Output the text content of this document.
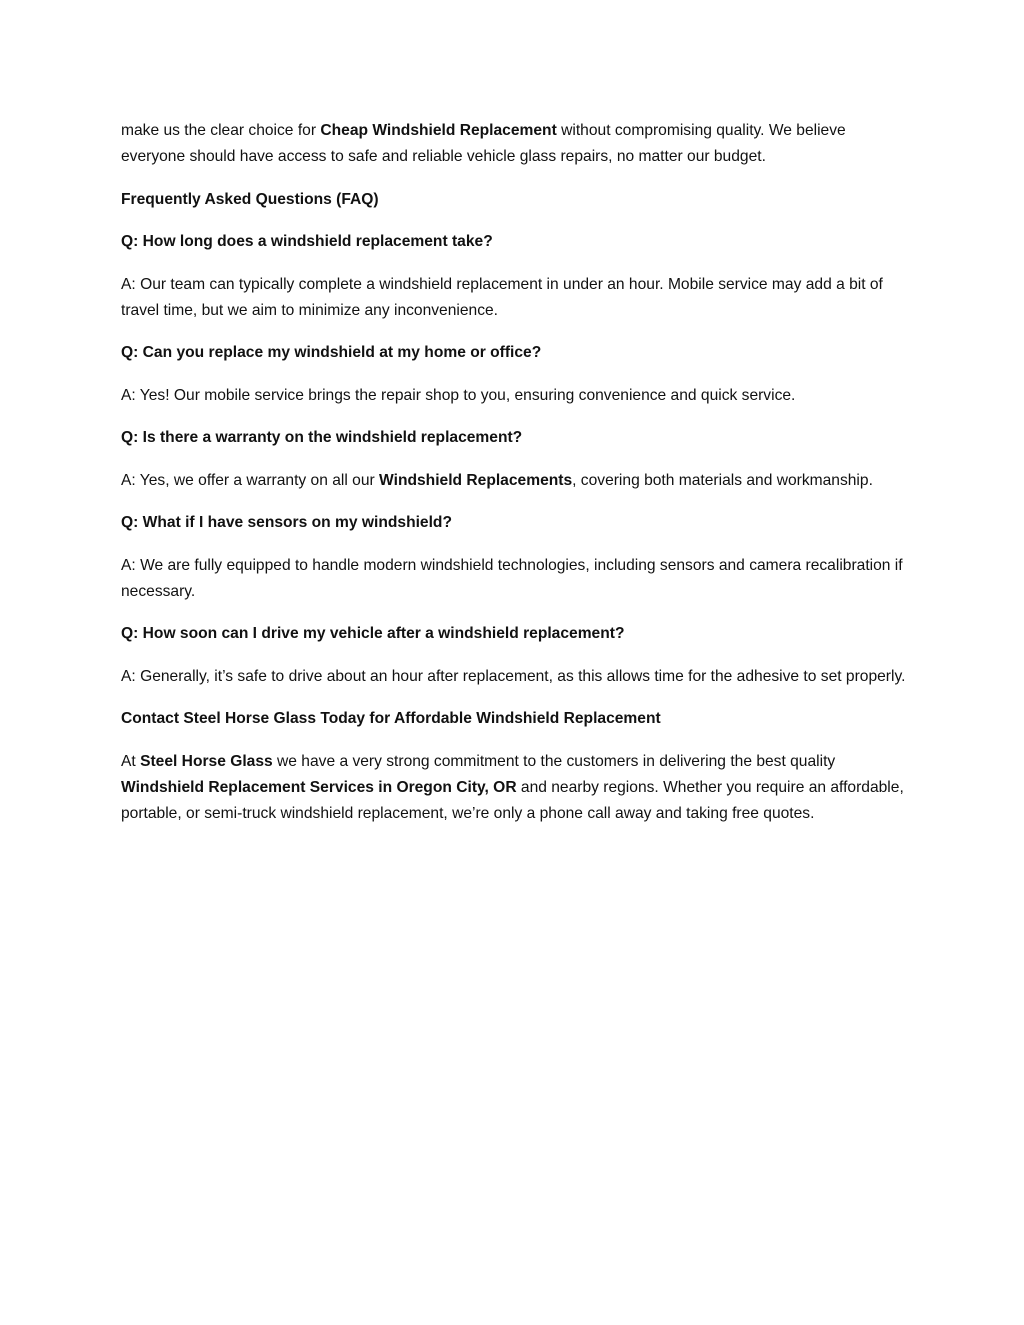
make us the clear choice for Cheap Windshield Replacement without compromising quality. We believe everyone should have access to safe and reliable vehicle glass repairs, no matter our budget.

Frequently Asked Questions (FAQ)

Q: How long does a windshield replacement take?

A: Our team can typically complete a windshield replacement in under an hour. Mobile service may add a bit of travel time, but we aim to minimize any inconvenience.

Q: Can you replace my windshield at my home or office?

A: Yes! Our mobile service brings the repair shop to you, ensuring convenience and quick service.

Q: Is there a warranty on the windshield replacement?

A: Yes, we offer a warranty on all our Windshield Replacements, covering both materials and workmanship.

Q: What if I have sensors on my windshield?

A: We are fully equipped to handle modern windshield technologies, including sensors and camera recalibration if necessary.

Q: How soon can I drive my vehicle after a windshield replacement?

A: Generally, it’s safe to drive about an hour after replacement, as this allows time for the adhesive to set properly.

Contact Steel Horse Glass Today for Affordable Windshield Replacement

At Steel Horse Glass we have a very strong commitment to the customers in delivering the best quality Windshield Replacement Services in Oregon City, OR and nearby regions. Whether you require an affordable, portable, or semi-truck windshield replacement, we’re only a phone call away and taking free quotes.
